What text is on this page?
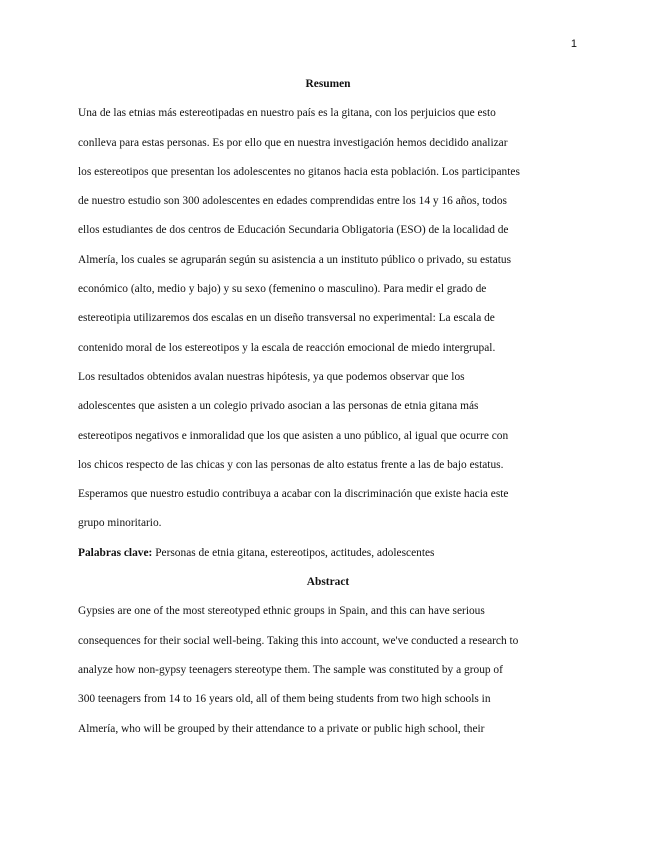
1
Resumen
Una de las etnias más estereotipadas en nuestro país es la gitana, con los perjuicios que esto
conlleva para estas personas. Es por ello que en nuestra investigación hemos decidido analizar
los estereotipos que presentan los adolescentes no gitanos hacia esta población. Los participantes
de nuestro estudio son 300 adolescentes en edades comprendidas entre los 14 y 16 años, todos
ellos estudiantes de dos centros de Educación Secundaria Obligatoria (ESO) de la localidad de
Almería, los cuales se agruparán según su asistencia a un instituto público o privado, su estatus
económico (alto, medio y bajo) y su sexo (femenino o masculino). Para medir el grado de
estereotipia utilizaremos dos escalas en un diseño transversal no experimental: La escala de
contenido moral de los estereotipos y la escala de reacción emocional de miedo intergrupal.
Los resultados obtenidos avalan nuestras hipótesis, ya que podemos observar que los
adolescentes que asisten a un colegio privado asocian a las personas de etnia gitana más
estereotipos negativos e inmoralidad que los que asisten a uno público, al igual que ocurre con
los chicos respecto de las chicas y con las personas de alto estatus frente a las de bajo estatus.
Esperamos que nuestro estudio contribuya a acabar con la discriminación que existe hacia este
grupo minoritario.
Palabras clave: Personas de etnia gitana, estereotipos, actitudes, adolescentes
Abstract
Gypsies are one of the most stereotyped ethnic groups in Spain, and this can have serious
consequences for their social well-being. Taking this into account, we've conducted a research to
analyze how non-gypsy teenagers stereotype them. The sample was constituted by a group of
300 teenagers from 14 to 16 years old, all of them being students from two high schools in
Almería, who will be grouped by their attendance to a private or public high school, their
